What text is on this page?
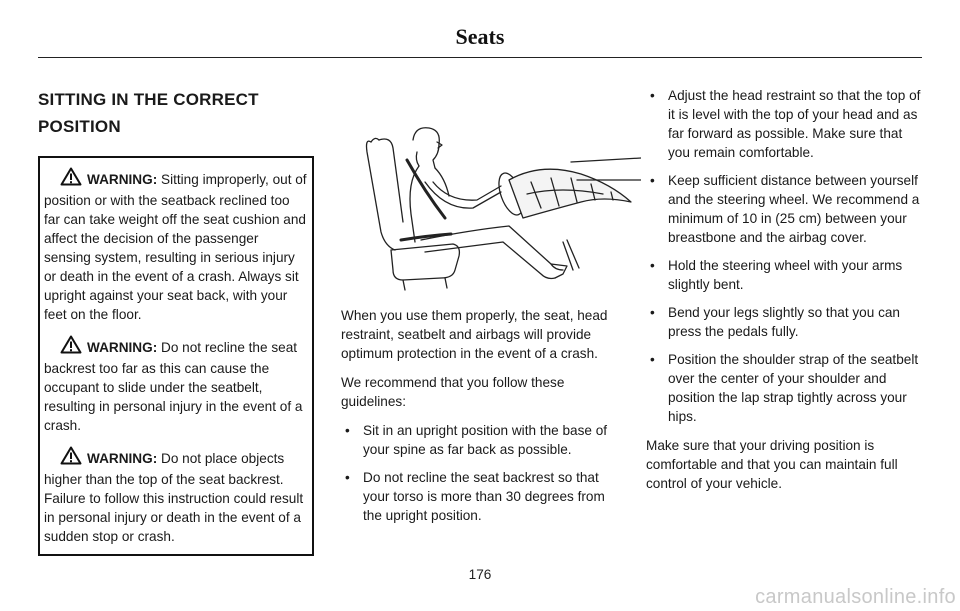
Seats
SITTING IN THE CORRECT POSITION

WARNING: Sitting improperly, out of position or with the seatback reclined too far can take weight off the seat cushion and affect the decision of the passenger sensing system, resulting in serious injury or death in the event of a crash. Always sit upright against your seat back, with your feet on the floor.

WARNING: Do not recline the seat backrest too far as this can cause the occupant to slide under the seatbelt, resulting in personal injury in the event of a crash.

WARNING: Do not place objects higher than the top of the seat backrest. Failure to follow this instruction could result in personal injury or death in the event of a sudden stop or crash.

When you use them properly, the seat, head restraint, seatbelt and airbags will provide optimum protection in the event of a crash.

We recommend that you follow these guidelines:

• Sit in an upright position with the base of your spine as far back as possible.
• Do not recline the seat backrest so that your torso is more than 30 degrees from the upright position.
• Adjust the head restraint so that the top of it is level with the top of your head and as far forward as possible. Make sure that you remain comfortable.
• Keep sufficient distance between yourself and the steering wheel. We recommend a minimum of 10 in (25 cm) between your breastbone and the airbag cover.
• Hold the steering wheel with your arms slightly bent.
• Bend your legs slightly so that you can press the pedals fully.
• Position the shoulder strap of the seatbelt over the center of your shoulder and position the lap strap tightly across your hips.

Make sure that your driving position is comfortable and that you can maintain full control of your vehicle.

176
carmanualsonline.info
